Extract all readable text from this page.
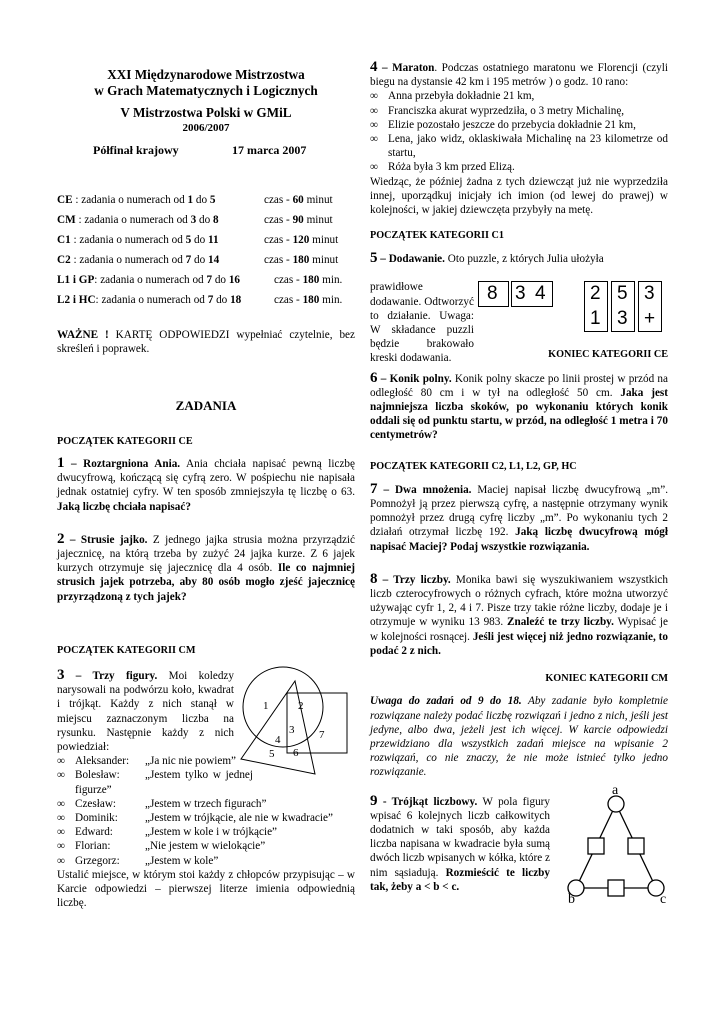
XXI Międzynarodowe Mistrzostwa

w Grach Matematycznych i Logicznych

V Mistrzostwa Polski w GMiL

2006/2007

Półfinał krajowy	17 marca 2007
CE : zadania o numerach od 1 do 5	czas - 60 minut
CM : zadania o numerach od 3 do 8	czas - 90 minut
C1 : zadania o numerach od 5 do 11	czas - 120 minut
C2 : zadania o numerach od 7 do 14	czas - 180 minut
L1 i GP: zadania o numerach od 7 do 16	czas - 180 min.
L2 i HC: zadania o numerach od 7 do 18	czas - 180 min.

WAŻNE ! KARTĘ ODPOWIEDZI wypełniać czytelnie, bez skreśleń i poprawek.

ZADANIA

POCZĄTEK KATEGORII CE

1 – Roztargniona Ania. Ania chciała napisać pewną liczbę dwucyfrową, kończącą się cyfrą zero. W pośpiechu nie napisała jednak ostatniej cyfry. W ten sposób zmniejszyła tę liczbę o 63. Jaką liczbę chciała napisać?

2 – Strusie jajko. Z jednego jajka strusia można przyrządzić jajecznicę, na którą trzeba by zużyć 24 jajka kurze. Z 6 jajek kurzych otrzymuje się jajecznicę dla 4 osób. Ile co najmniej strusich jajek potrzeba, aby 80 osób mogło zjeść jajecznicę przyrządzoną z tych jajek?

POCZĄTEK KATEGORII CM

3 – Trzy figury. Moi koledzy narysowali na podwórzu koło, kwadrat i trójkąt. Każdy z nich stanął w miejscu zaznaczonym liczba na rysunku. Następnie każdy z nich powiedział:

∞ Aleksander: „Ja nic nie powiem”
∞ Bolesław: „Jestem tylko w jednej figurze”
∞ Czesław:	„Jestem w trzech figurach”
∞ Dominik: „Jestem w trójkącie, ale nie w kwadracie”
∞ Edward:	„Jestem w kole i w trójkącie”
∞ Florian:	„Nie jestem w wielokącie”
∞ Grzegorz: „Jestem w kole”

Ustalić miejsce, w którym stoi każdy z chłopców przypisując – w Karcie odpowiedzi – pierwszej literze imienia odpowiednią liczbę.

1	2
3
4
5 6
7

4 – Maraton. Podczas ostatniego maratonu we Florencji (czyli biegu na dystansie 42 km i 195 metrów ) o godz. 10 rano:

∞ Anna przebyła dokładnie 21 km,
∞ Franciszka akurat wyprzedziła, o 3 metry Michalinę,
∞ Elizie pozostało jeszcze do przebycia dokładnie 21 km,
∞ Lena, jako widz, oklaskiwała Michalinę na 23 kilometrze od startu,
∞ Róża była 3 km przed Elizą.

Wiedząc, że później żadna z tych dziewcząt już nie wyprzedziła innej, uporządkuj inicjały ich imion (od lewej do prawej) w kolejności, w jakiej dziewczęta przybyły na metę.

POCZĄTEK KATEGORII C1

5 – Dodawanie. Oto puzzle, z których Julia ułożyła

prawidłowe dodawanie. Odtworzyć to działanie. Uwaga: W składance puzzli będzie brakowało kreski dodawania.
8 3 4 2
1
5
3
3
+

KONIEC KATEGORII CE

6 – Konik polny. Konik polny skacze po linii prostej w przód na odległość 80 cm i w tył na odległość 50 cm. Jaka jest najmniejsza liczba skoków, po wykonaniu których konik oddali się od punktu startu, w przód, na odległość 1 metra i 70 centymetrów?

POCZĄTEK KATEGORII C2, L1, L2, GP, HC

7 – Dwa mnożenia. Maciej napisał liczbę dwucyfrową „m”. Pomnożył ją przez pierwszą cyfrę, a następnie otrzymany wynik pomnożył przez drugą cyfrę liczby „m”. Po wykonaniu tych 2 działań otrzymał liczbę 192. Jaką liczbę dwucyfrową mógł napisać Maciej? Podaj wszystkie rozwiązania.

8 – Trzy liczby. Monika bawi się wyszukiwaniem wszystkich liczb czterocyfrowych o różnych cyfrach, które można utworzyć używając cyfr 1, 2, 4 i 7. Pisze trzy takie różne liczby, dodaje je i otrzymuje w wyniku 13 983. Znaleźć te trzy liczby. Wypisać je w kolejności rosnącej. Jeśli jest więcej niż jedno rozwiązanie, to podać 2 z nich.

KONIEC KATEGORII CM

Uwaga do zadań od 9 do 18. Aby zadanie było kompletnie rozwiązane należy podać liczbę rozwiązań i jedno z nich, jeśli jest jedyne, albo dwa, jeżeli jest ich więcej. W karcie odpowiedzi przewidziano dla wszystkich zadań miejsce na wpisanie 2 rozwiązań, co nie znaczy, że nie może istnieć tylko jedno rozwiązanie.

9 - Trójkąt liczbowy. W pola figury wpisać 6 kolejnych liczb całkowitych dodatnich w taki sposób, aby każda liczba napisana w kwadracie była sumą dwóch liczb wpisanych w kółka, które z nim sąsiadują. Rozmieścić te liczby tak, żeby a < b < c.

a
b	c
